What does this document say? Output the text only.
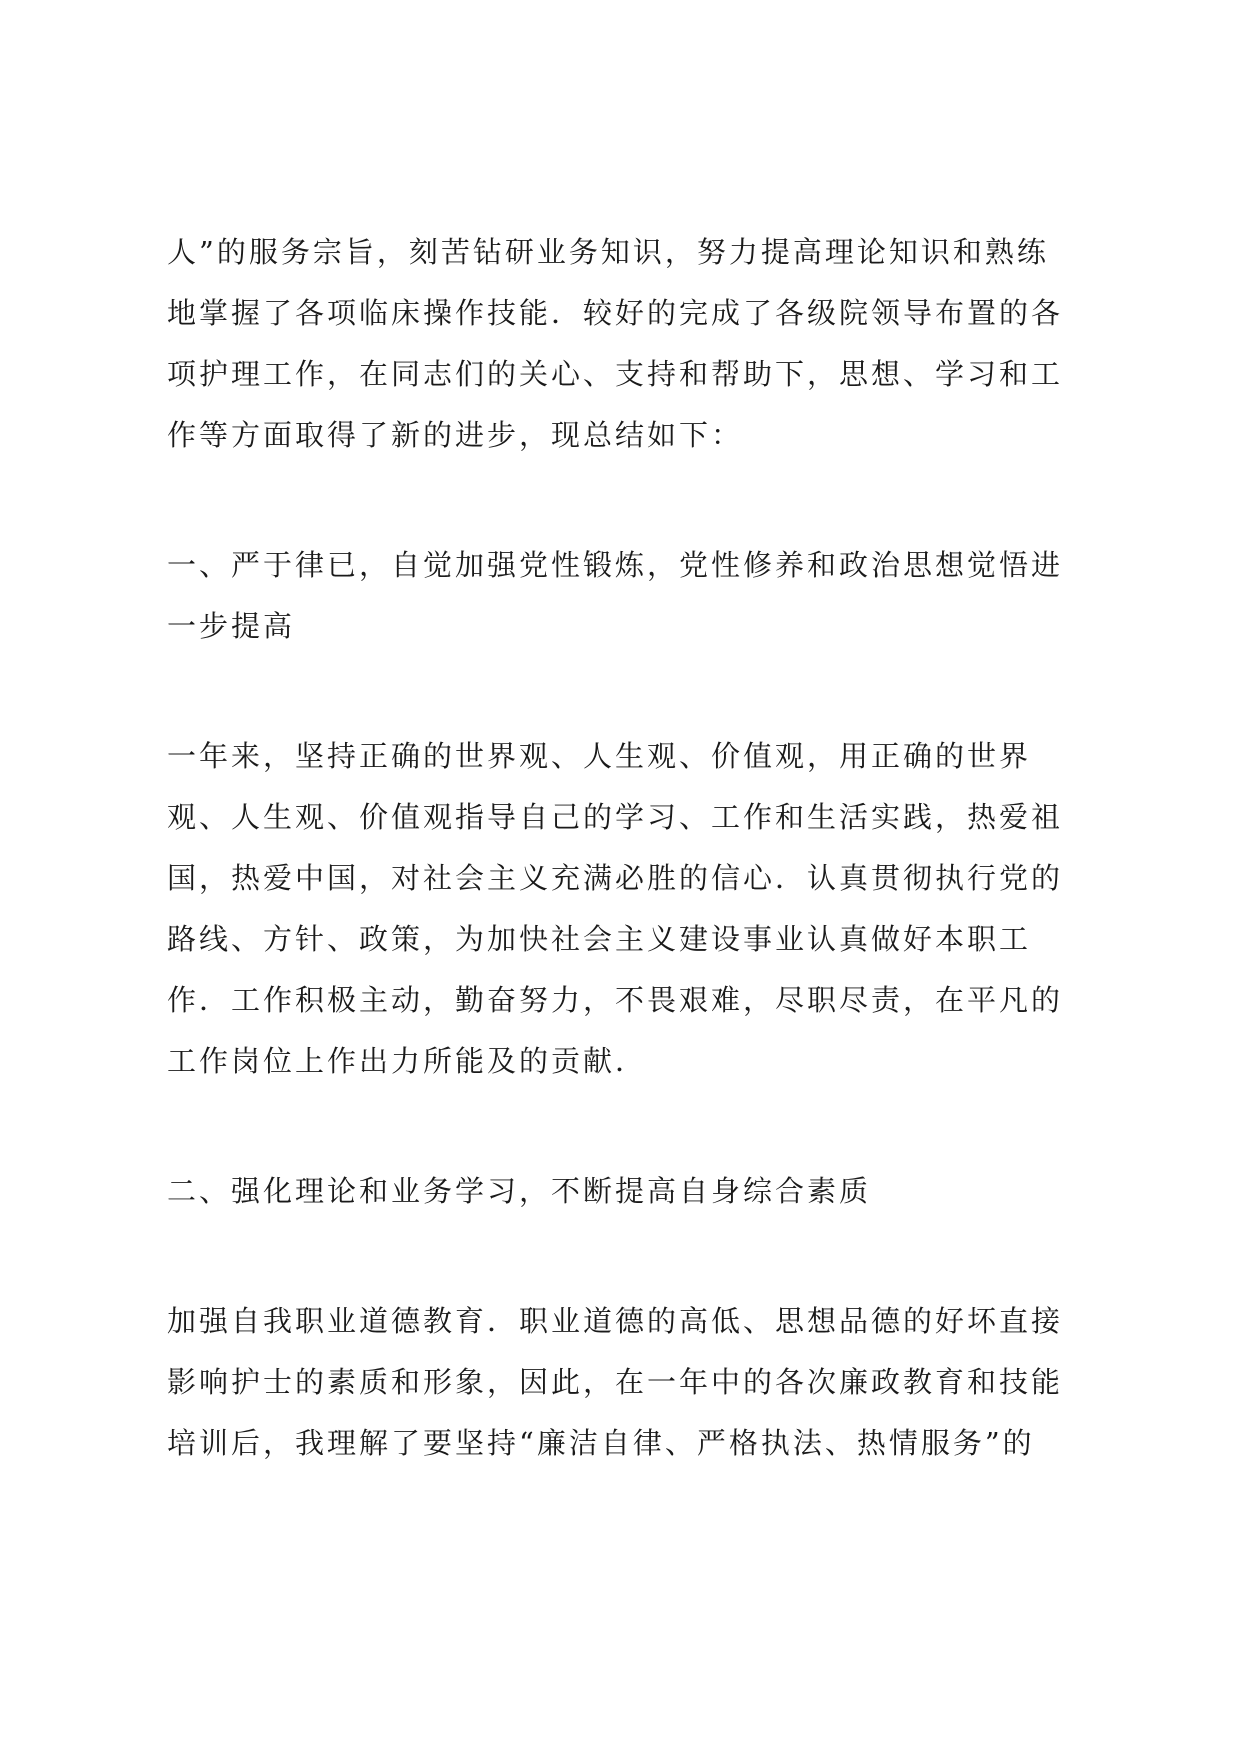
人”的服务宗旨，刻苦钻研业务知识，努力提高理论知识和熟练
地掌握了各项临床操作技能．较好的完成了各级院领导布置的各
项护理工作，在同志们的关心、支持和帮助下，思想、学习和工
作等方面取得了新的进步，现总结如下：
一、严于律已，自觉加强党性锻炼，党性修养和政治思想觉悟进
一步提高
一年来，坚持正确的世界观、人生观、价值观，用正确的世界
观、人生观、价值观指导自己的学习、工作和生活实践，热爱祖
国，热爱中国，对社会主义充满必胜的信心．认真贯彻执行党的
路线、方针、政策，为加快社会主义建设事业认真做好本职工
作．工作积极主动，勤奋努力，不畏艰难，尽职尽责，在平凡的
工作岗位上作出力所能及的贡献．
二、强化理论和业务学习，不断提高自身综合素质
加强自我职业道德教育．职业道德的高低、思想品德的好坏直接
影响护士的素质和形象，因此，在一年中的各次廉政教育和技能
培训后，我理解了要坚持“廉洁自律、严格执法、热情服务”的
